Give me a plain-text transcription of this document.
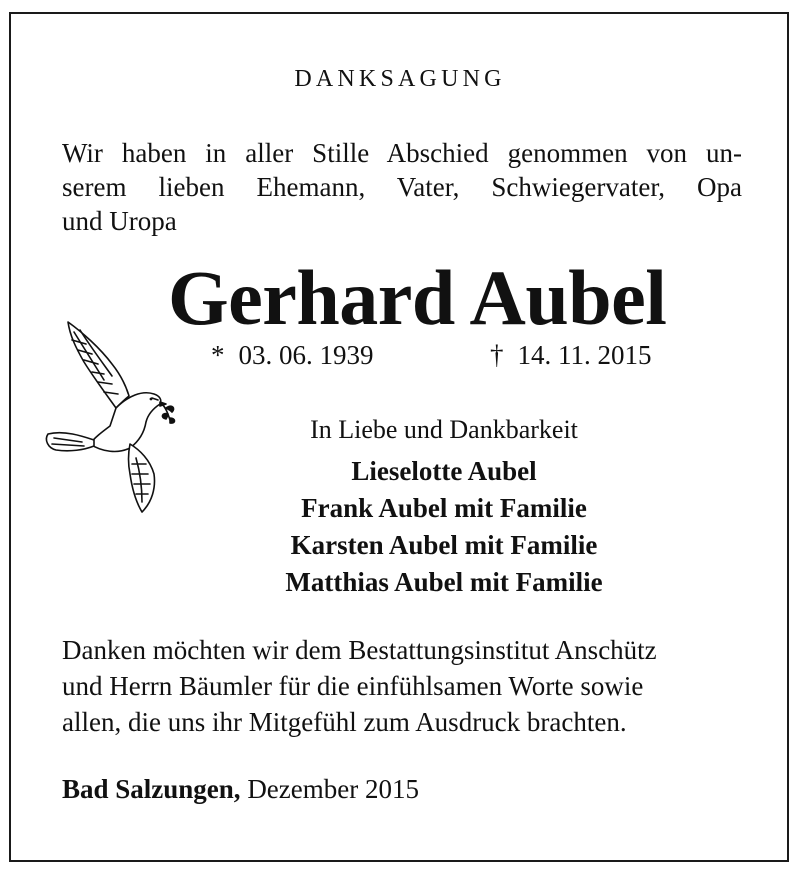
DANKSAGUNG
Wir haben in aller Stille Abschied genommen von un-
serem lieben Ehemann, Vater, Schwiegervater, Opa
und Uropa
Gerhard Aubel
* 03. 06. 1939	† 14. 11. 2015
In Liebe und Dankbarkeit
Lieselotte Aubel
Frank Aubel mit Familie
Karsten Aubel mit Familie
Matthias Aubel mit Familie
Danken möchten wir dem Bestattungsinstitut Anschütz
und Herrn Bäumler für die einfühlsamen Worte sowie
allen, die uns ihr Mitgefühl zum Ausdruck brachten.
Bad Salzungen, Dezember 2015
